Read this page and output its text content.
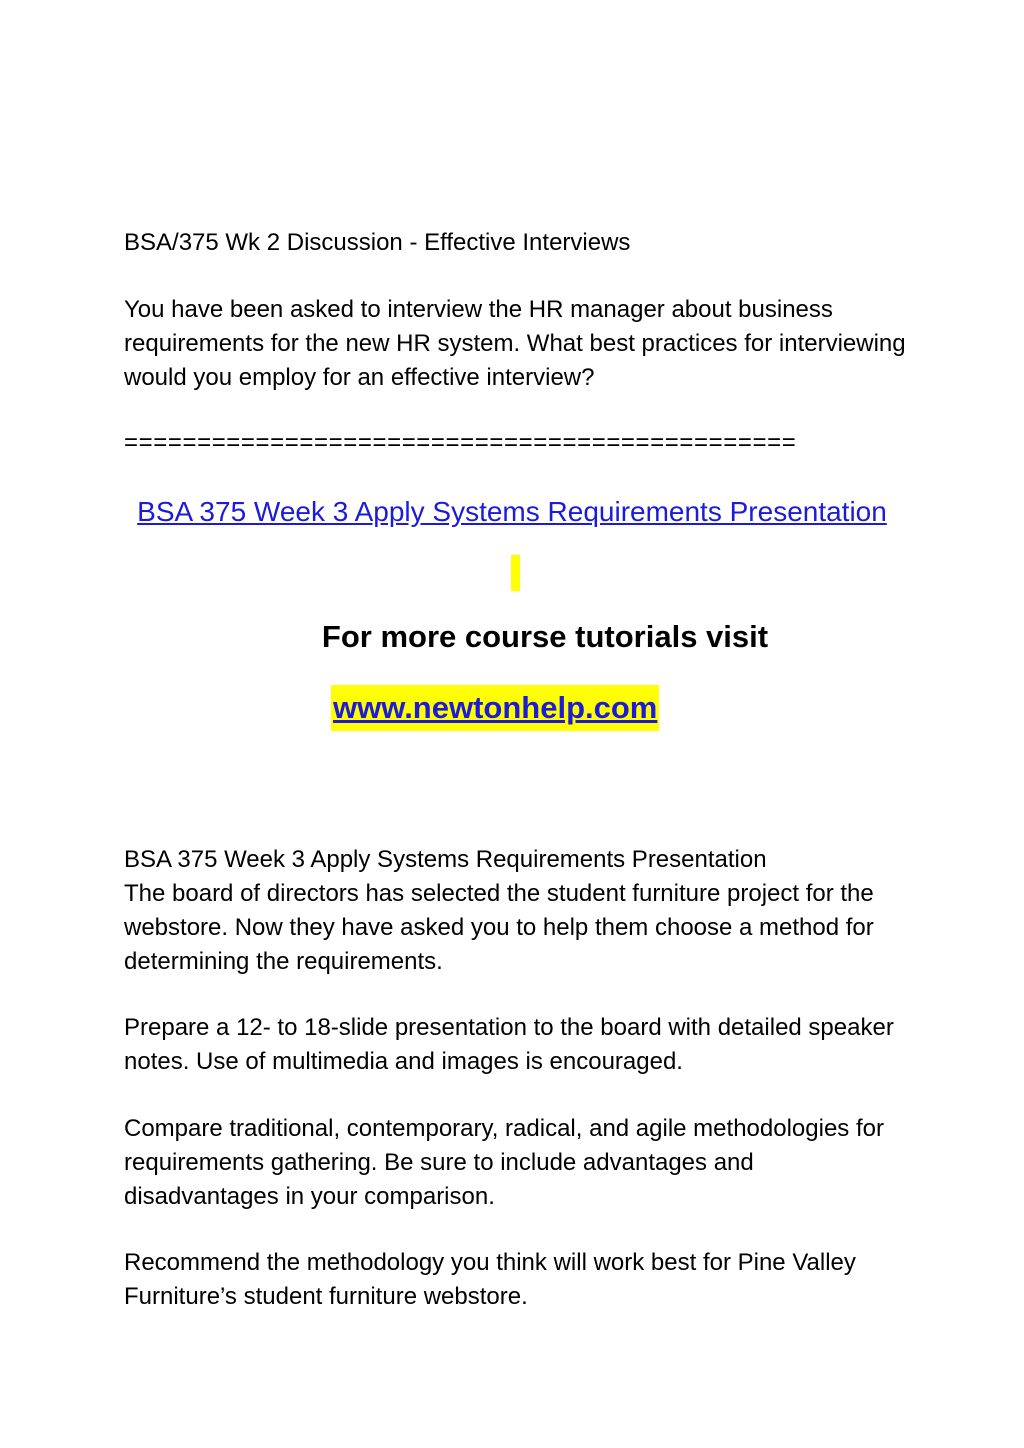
BSA/375 Wk 2 Discussion - Effective Interviews
You have been asked to interview the HR manager about business requirements for the new HR system. What best practices for interviewing would you employ for an effective interview?
==============================================
BSA 375 Week 3 Apply Systems Requirements Presentation
For more course tutorials visit
www.newtonhelp.com
BSA 375 Week 3 Apply Systems Requirements Presentation
The board of directors has selected the student furniture project for the webstore. Now they have asked you to help them choose a method for determining the requirements.
Prepare a 12- to 18-slide presentation to the board with detailed speaker notes. Use of multimedia and images is encouraged.
Compare traditional, contemporary, radical, and agile methodologies for requirements gathering. Be sure to include advantages and disadvantages in your comparison.
Recommend the methodology you think will work best for Pine Valley Furniture’s student furniture webstore.
